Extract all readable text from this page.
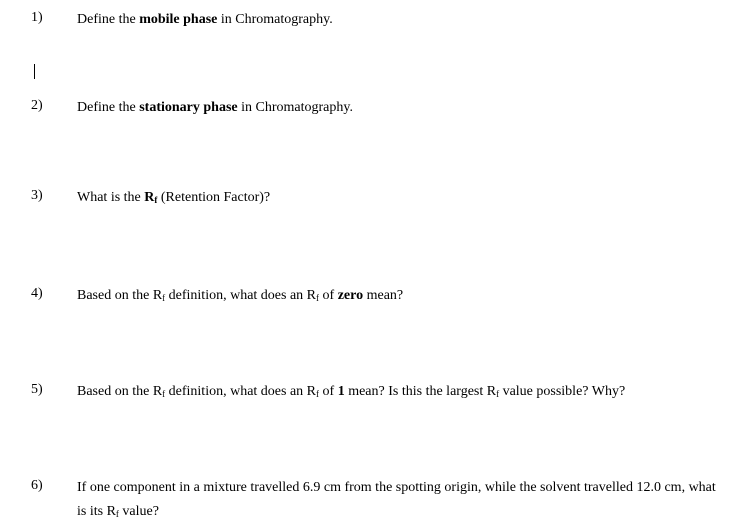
1) Define the mobile phase in Chromatography.
2) Define the stationary phase in Chromatography.
3) What is the $R_f$ (Retention Factor)?
4) Based on the $R_f$ definition, what does an $R_f$ of zero mean?
5) Based on the $R_f$ definition, what does an $R_f$ of 1 mean? Is this the largest $R_f$ value possible? Why?
6) If one component in a mixture travelled 6.9 cm from the spotting origin, while the solvent travelled 12.0 cm, what is its $R_f$ value?
